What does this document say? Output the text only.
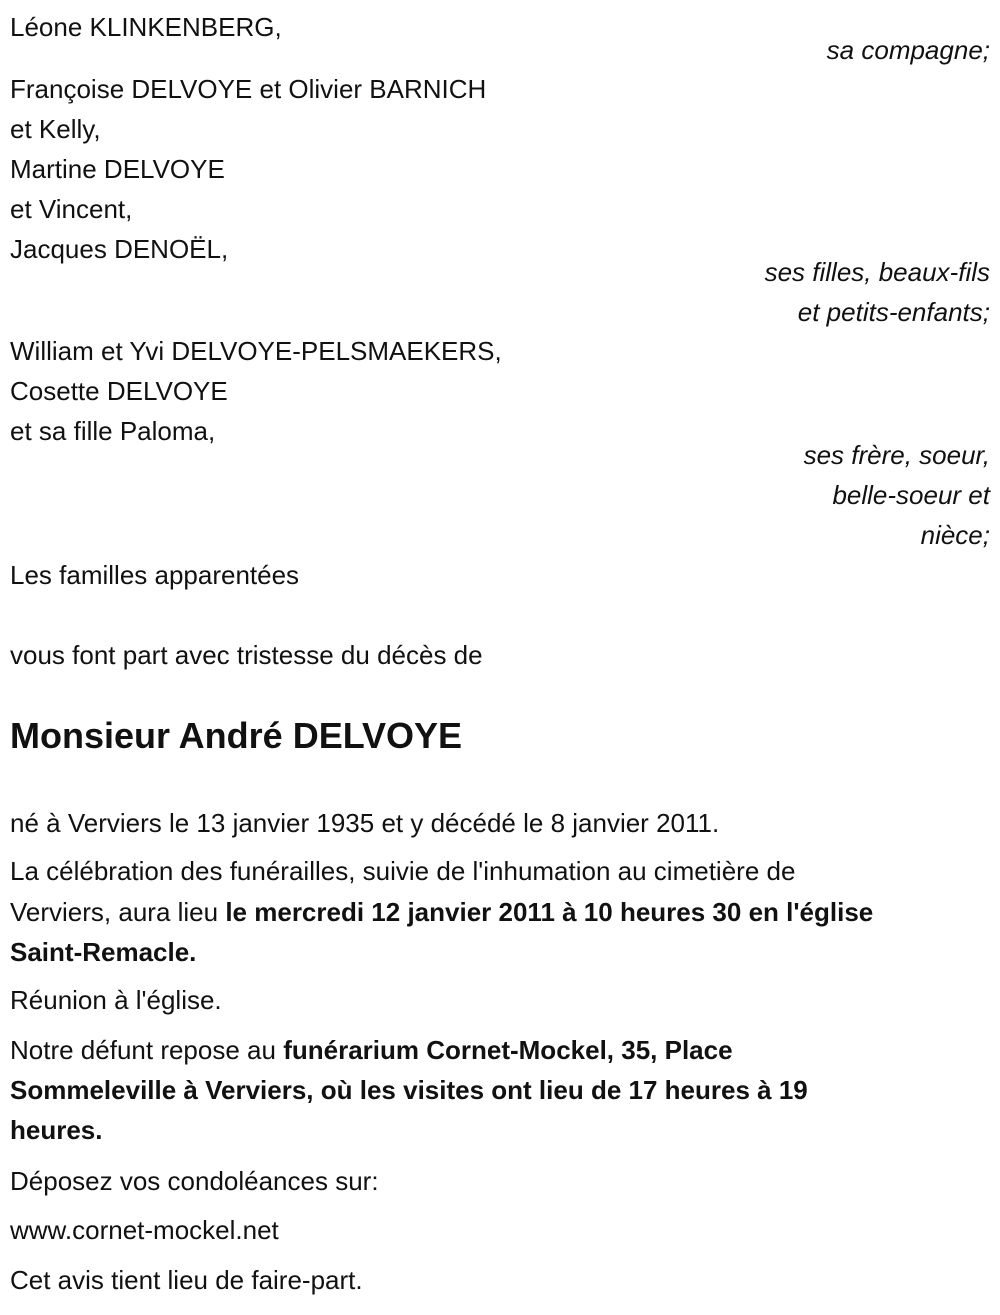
Léone KLINKENBERG,
sa compagne;
Françoise DELVOYE et Olivier BARNICH
et Kelly,
Martine DELVOYE
et Vincent,
Jacques DENOËL,
ses filles, beaux-fils
et petits-enfants;
William et Yvi DELVOYE-PELSMAEKERS,
Cosette DELVOYE
et sa fille Paloma,
ses frère, soeur,
belle-soeur et
nièce;
Les familles apparentées
vous font part avec tristesse du décès de
Monsieur André DELVOYE
né à Verviers le 13 janvier 1935 et y décédé le 8 janvier 2011.
La célébration des funérailles, suivie de l'inhumation au cimetière de
Verviers, aura lieu le mercredi 12 janvier 2011 à 10 heures 30 en l'église
Saint-Remacle.
Réunion à l'église.
Notre défunt repose au funérarium Cornet-Mockel, 35, Place
Sommeleville à Verviers, où les visites ont lieu de 17 heures à 19
heures.
Déposez vos condoléances sur:
www.cornet-mockel.net
Cet avis tient lieu de faire-part.
